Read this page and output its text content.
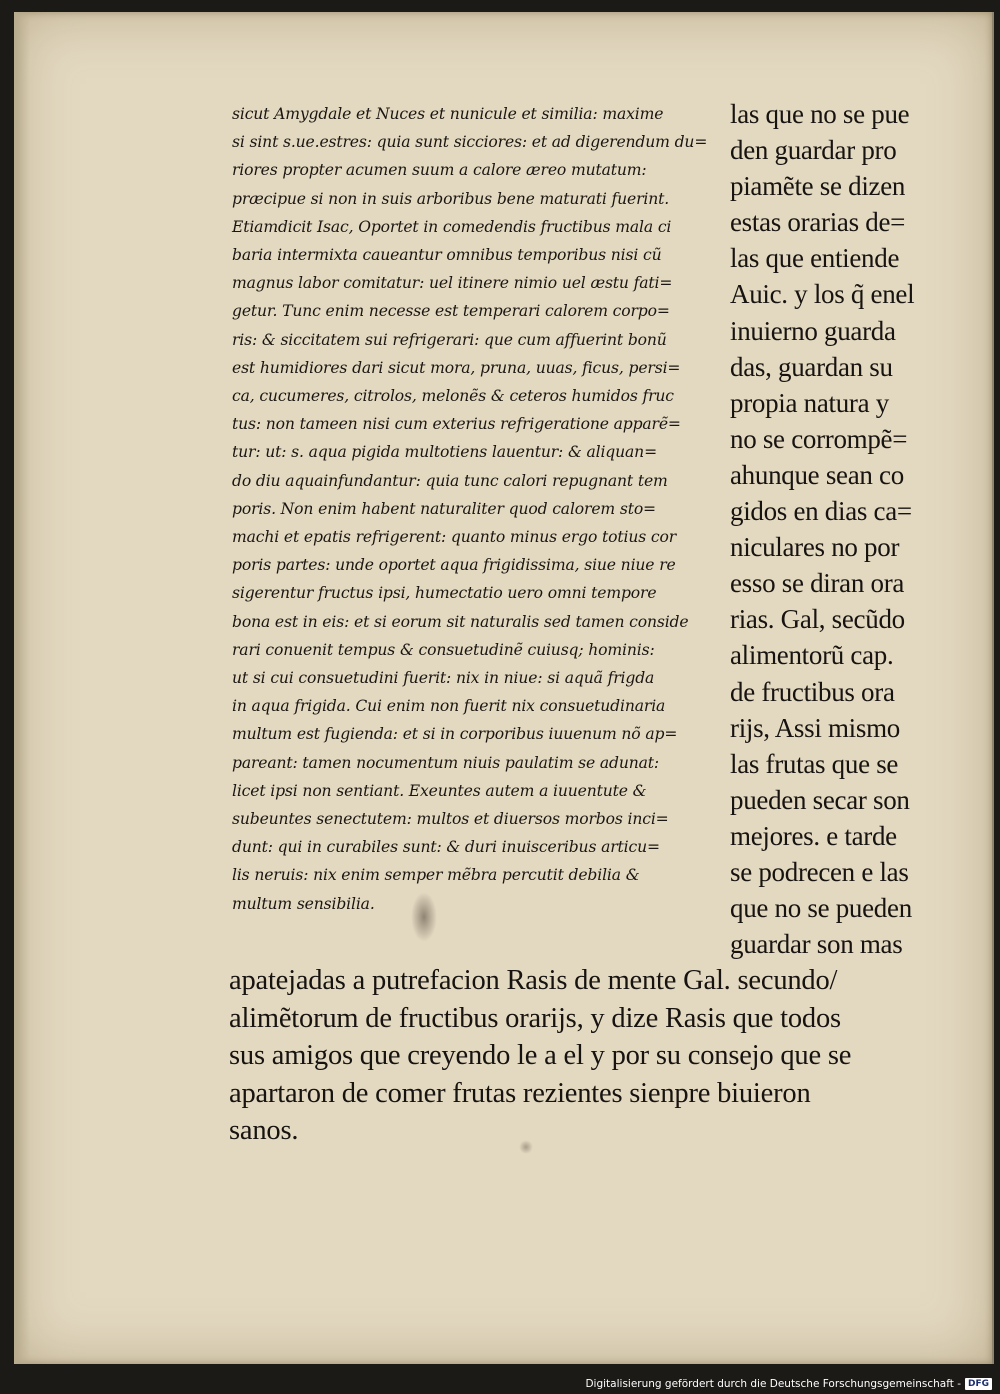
sicut Amygdale et Nuces et nunicule et similia: maxime
si sint s.ue.estres: quia sunt sicciores: et ad digerendum du=
riores propter acumen suum a calore æreo mutatum:
præcipue si non in suis arboribus bene maturati fuerint.
Etiamdicit Isac, Oportet in comedendis fructibus mala ci
baria intermixta caueantur omnibus temporibus nisi cũ
magnus labor comitatur: uel itinere nimio uel æstu fati=
getur. Tunc enim necesse est temperari calorem corpo=
ris: & siccitatem sui refrigerari: que cum affuerint bonũ
est humidiores dari sicut mora, pruna, uuas, ficus, persi=
ca, cucumeres, citrolos, melonẽs & ceteros humidos fruc
tus: non tameen nisi cum exterius refrigeratione apparẽ=
tur: ut: s. aqua pigida multotiens lauentur: & aliquan=
do diu aquainfundantur: quia tunc calori repugnant tem
poris. Non enim habent naturaliter quod calorem sto=
machi et epatis refrigerent: quanto minus ergo totius cor
poris partes: unde oportet aqua frigidissima, siue niue re
sigerentur fructus ipsi, humectatio uero omni tempore
bona est in eis: et si eorum sit naturalis sed tamen conside
rari conuenit tempus & consuetudinẽ cuiusq; hominis:
ut si cui consuetudini fuerit: nix in niue: si aquã frigda
in aqua frigida. Cui enim non fuerit nix consuetudinaria
multum est fugienda: et si in corporibus iuuenum nõ ap=
pareant: tamen nocumentum niuis paulatim se adunat:
licet ipsi non sentiant. Exeuntes autem a iuuentute &
subeuntes senectutem: multos et diuersos morbos inci=
dunt: qui in curabiles sunt: & duri inuisceribus articu=
lis neruis: nix enim semper mẽbra percutit debilia &
multum sensibilia.
las que no se pue
den guardar pro
piamẽte se dizen
estas orarias de=
las que entiende
Auic. y los q̃ enel
inuierno guarda
das, guardan su
propia natura y
no se corrompẽ=
ahunque sean co
gidos en dias ca=
niculares no por
esso se diran ora
rias. Gal, secũdo
alimentorũ cap.
de fructibus ora
rijs, Assi mismo
las frutas que se
pueden secar son
mejores. e tarde
se podrecen e las
que no se pueden
guardar son mas
apatejadas a putrefacion Rasis de mente Gal. secundo/
alimẽtorum de fructibus orarijs, y dize Rasis que todos
sus amigos que creyendo le a el y por su consejo que se
apartaron de comer frutas rezientes sienpre biuieron
sanos.
Digitalisierung gefördert durch die Deutsche Forschungsgemeinschaft - DFG
